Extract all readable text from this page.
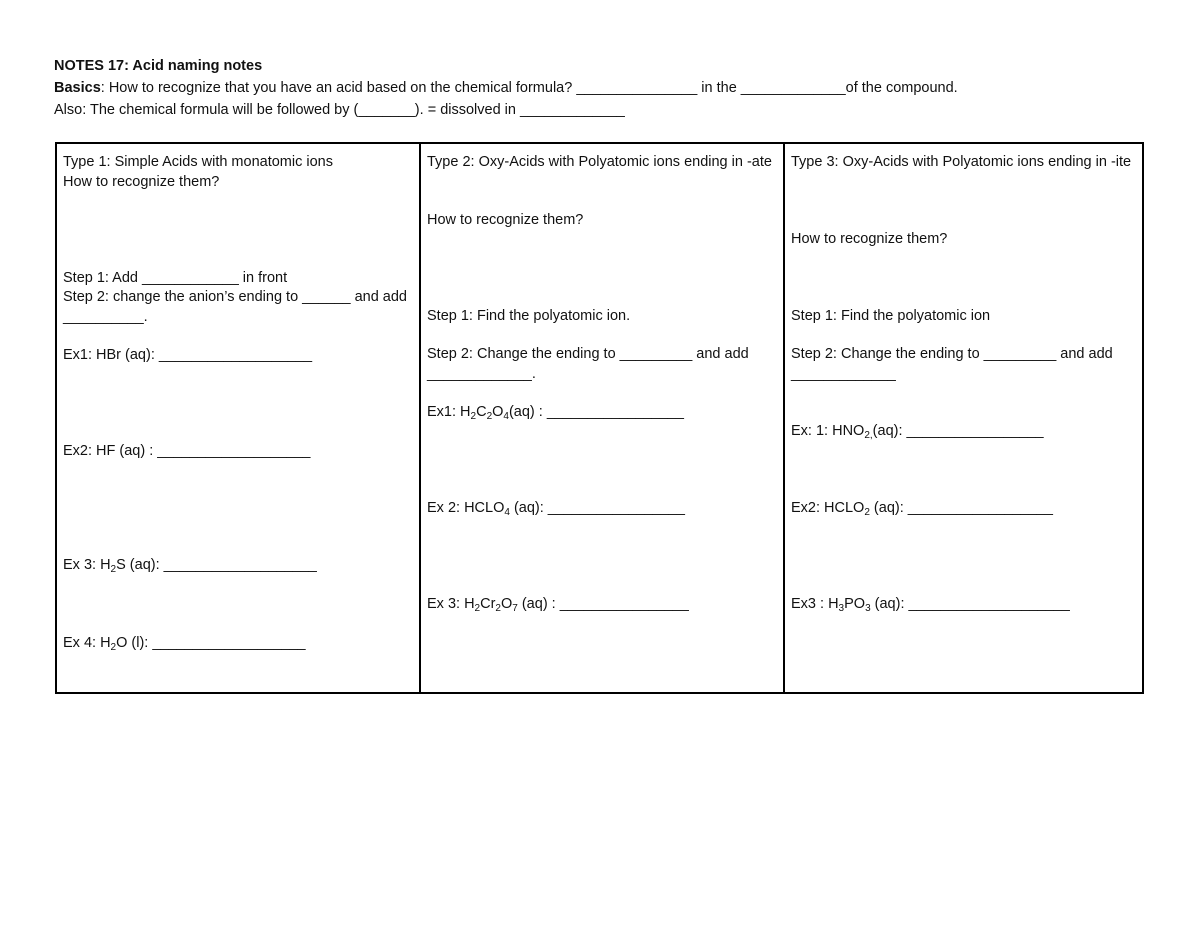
NOTES 17: Acid naming notes
Basics: How to recognize that you have an acid based on the chemical formula? _______________ in the _____________of the compound.
Also: The chemical formula will be followed by (_______). = dissolved in _____________
Type 1: Simple Acids with monatomic ions
How to recognize them?
Step 1: Add ____________ in front
Step 2: change the anion’s ending to ______ and add __________.
Ex1: HBr (aq): ___________________
Ex2: HF (aq) : ___________________
Ex 3: $H_2S$ (aq): ___________________
Ex 4: $H_2O$ (l): ___________________
Type 2: Oxy-Acids with Polyatomic ions ending in -ate
How to recognize them?
Step 1: Find the polyatomic ion.
Step 2: Change the ending to _________ and add _____________.
Ex1: $H_2C_2O_4(aq)$ : _________________
Ex 2: $HCLO_4$ (aq): _________________
Ex 3: $H_2Cr_2O_7$ (aq) : ________________
Type 3: Oxy-Acids with Polyatomic ions ending in -ite
How to recognize them?
Step 1: Find the polyatomic ion
Step 2: Change the ending to _________ and add _____________
Ex: 1: $HNO_{2,}(aq)$: _________________
Ex2: $HCLO_2$ (aq): __________________
Ex3 : $H_3PO_3$ (aq): ____________________
